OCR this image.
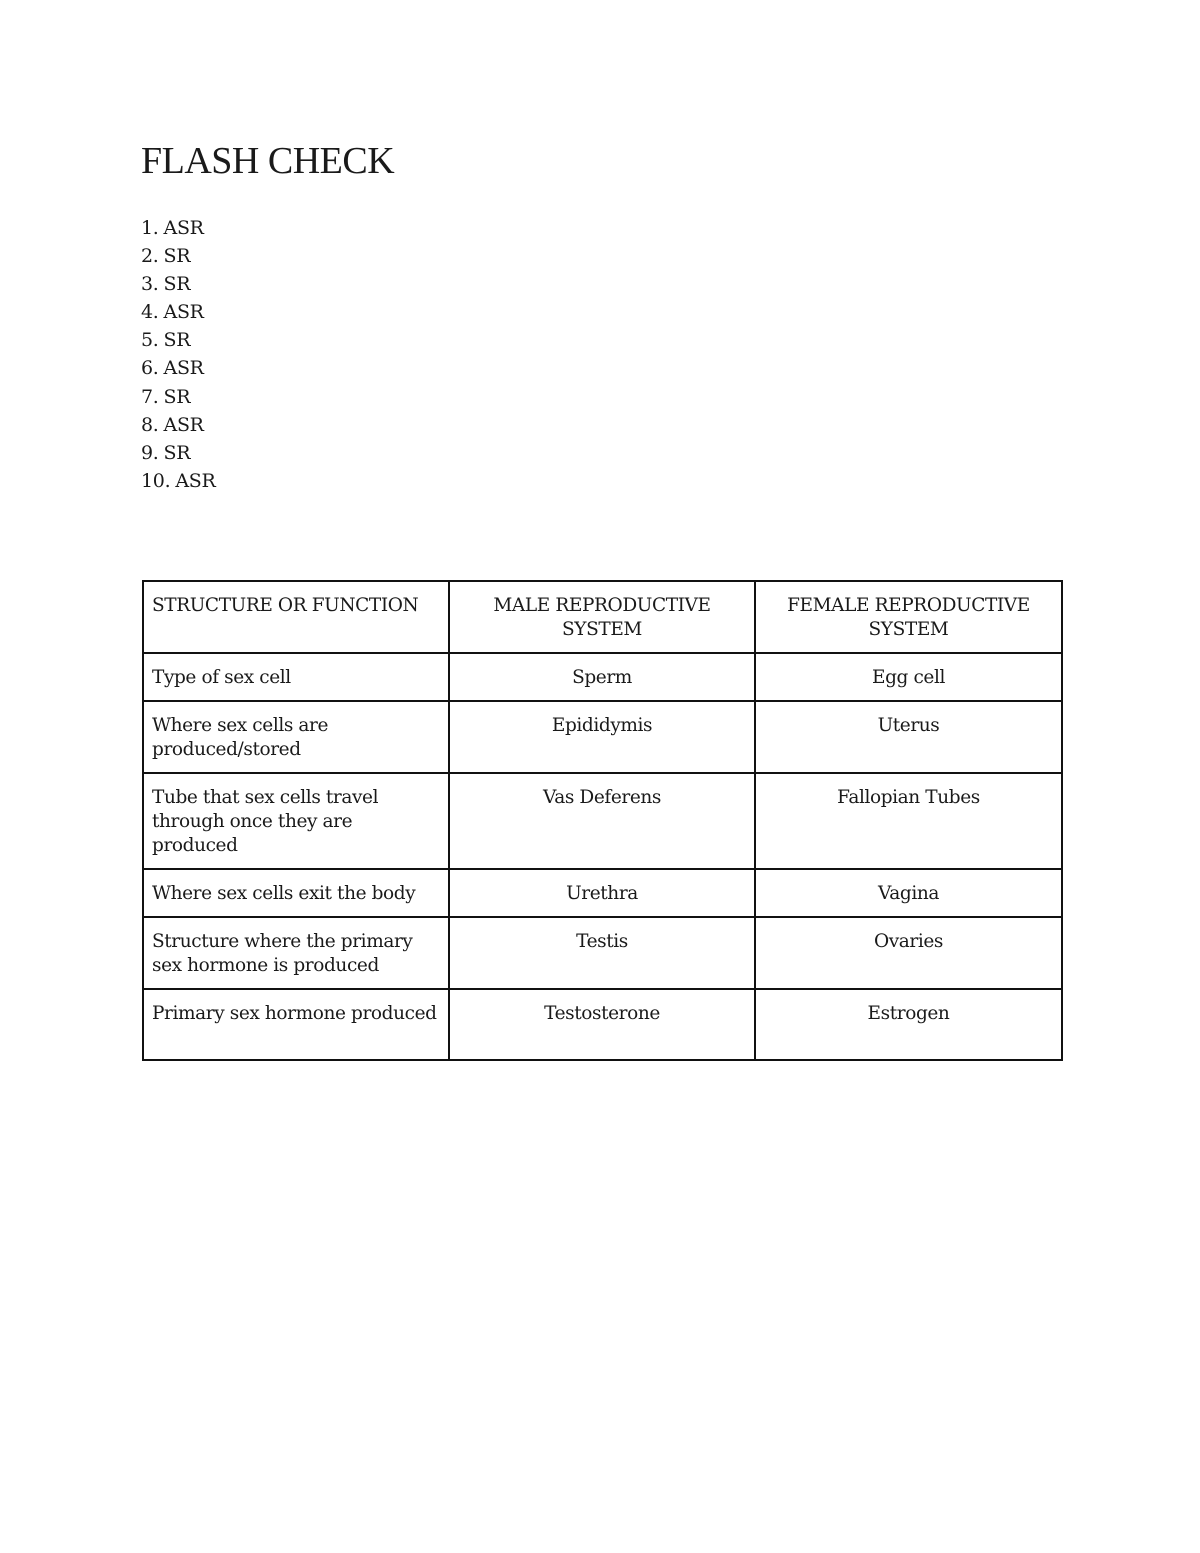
FLASH CHECK
1. ASR
2. SR
3. SR
4. ASR
5. SR
6. ASR
7. SR
8. ASR
9. SR
10. ASR
STRUCTURE OR FUNCTION	MALE REPRODUCTIVE SYSTEM	FEMALE REPRODUCTIVE SYSTEM
Type of sex cell	Sperm	Egg cell
Where sex cells are produced/stored	Epididymis	Uterus
Tube that sex cells travel through once they are produced	Vas Deferens	Fallopian Tubes
Where sex cells exit the body	Urethra	Vagina
Structure where the primary sex hormone is produced	Testis	Ovaries
Primary sex hormone produced	Testosterone	Estrogen
